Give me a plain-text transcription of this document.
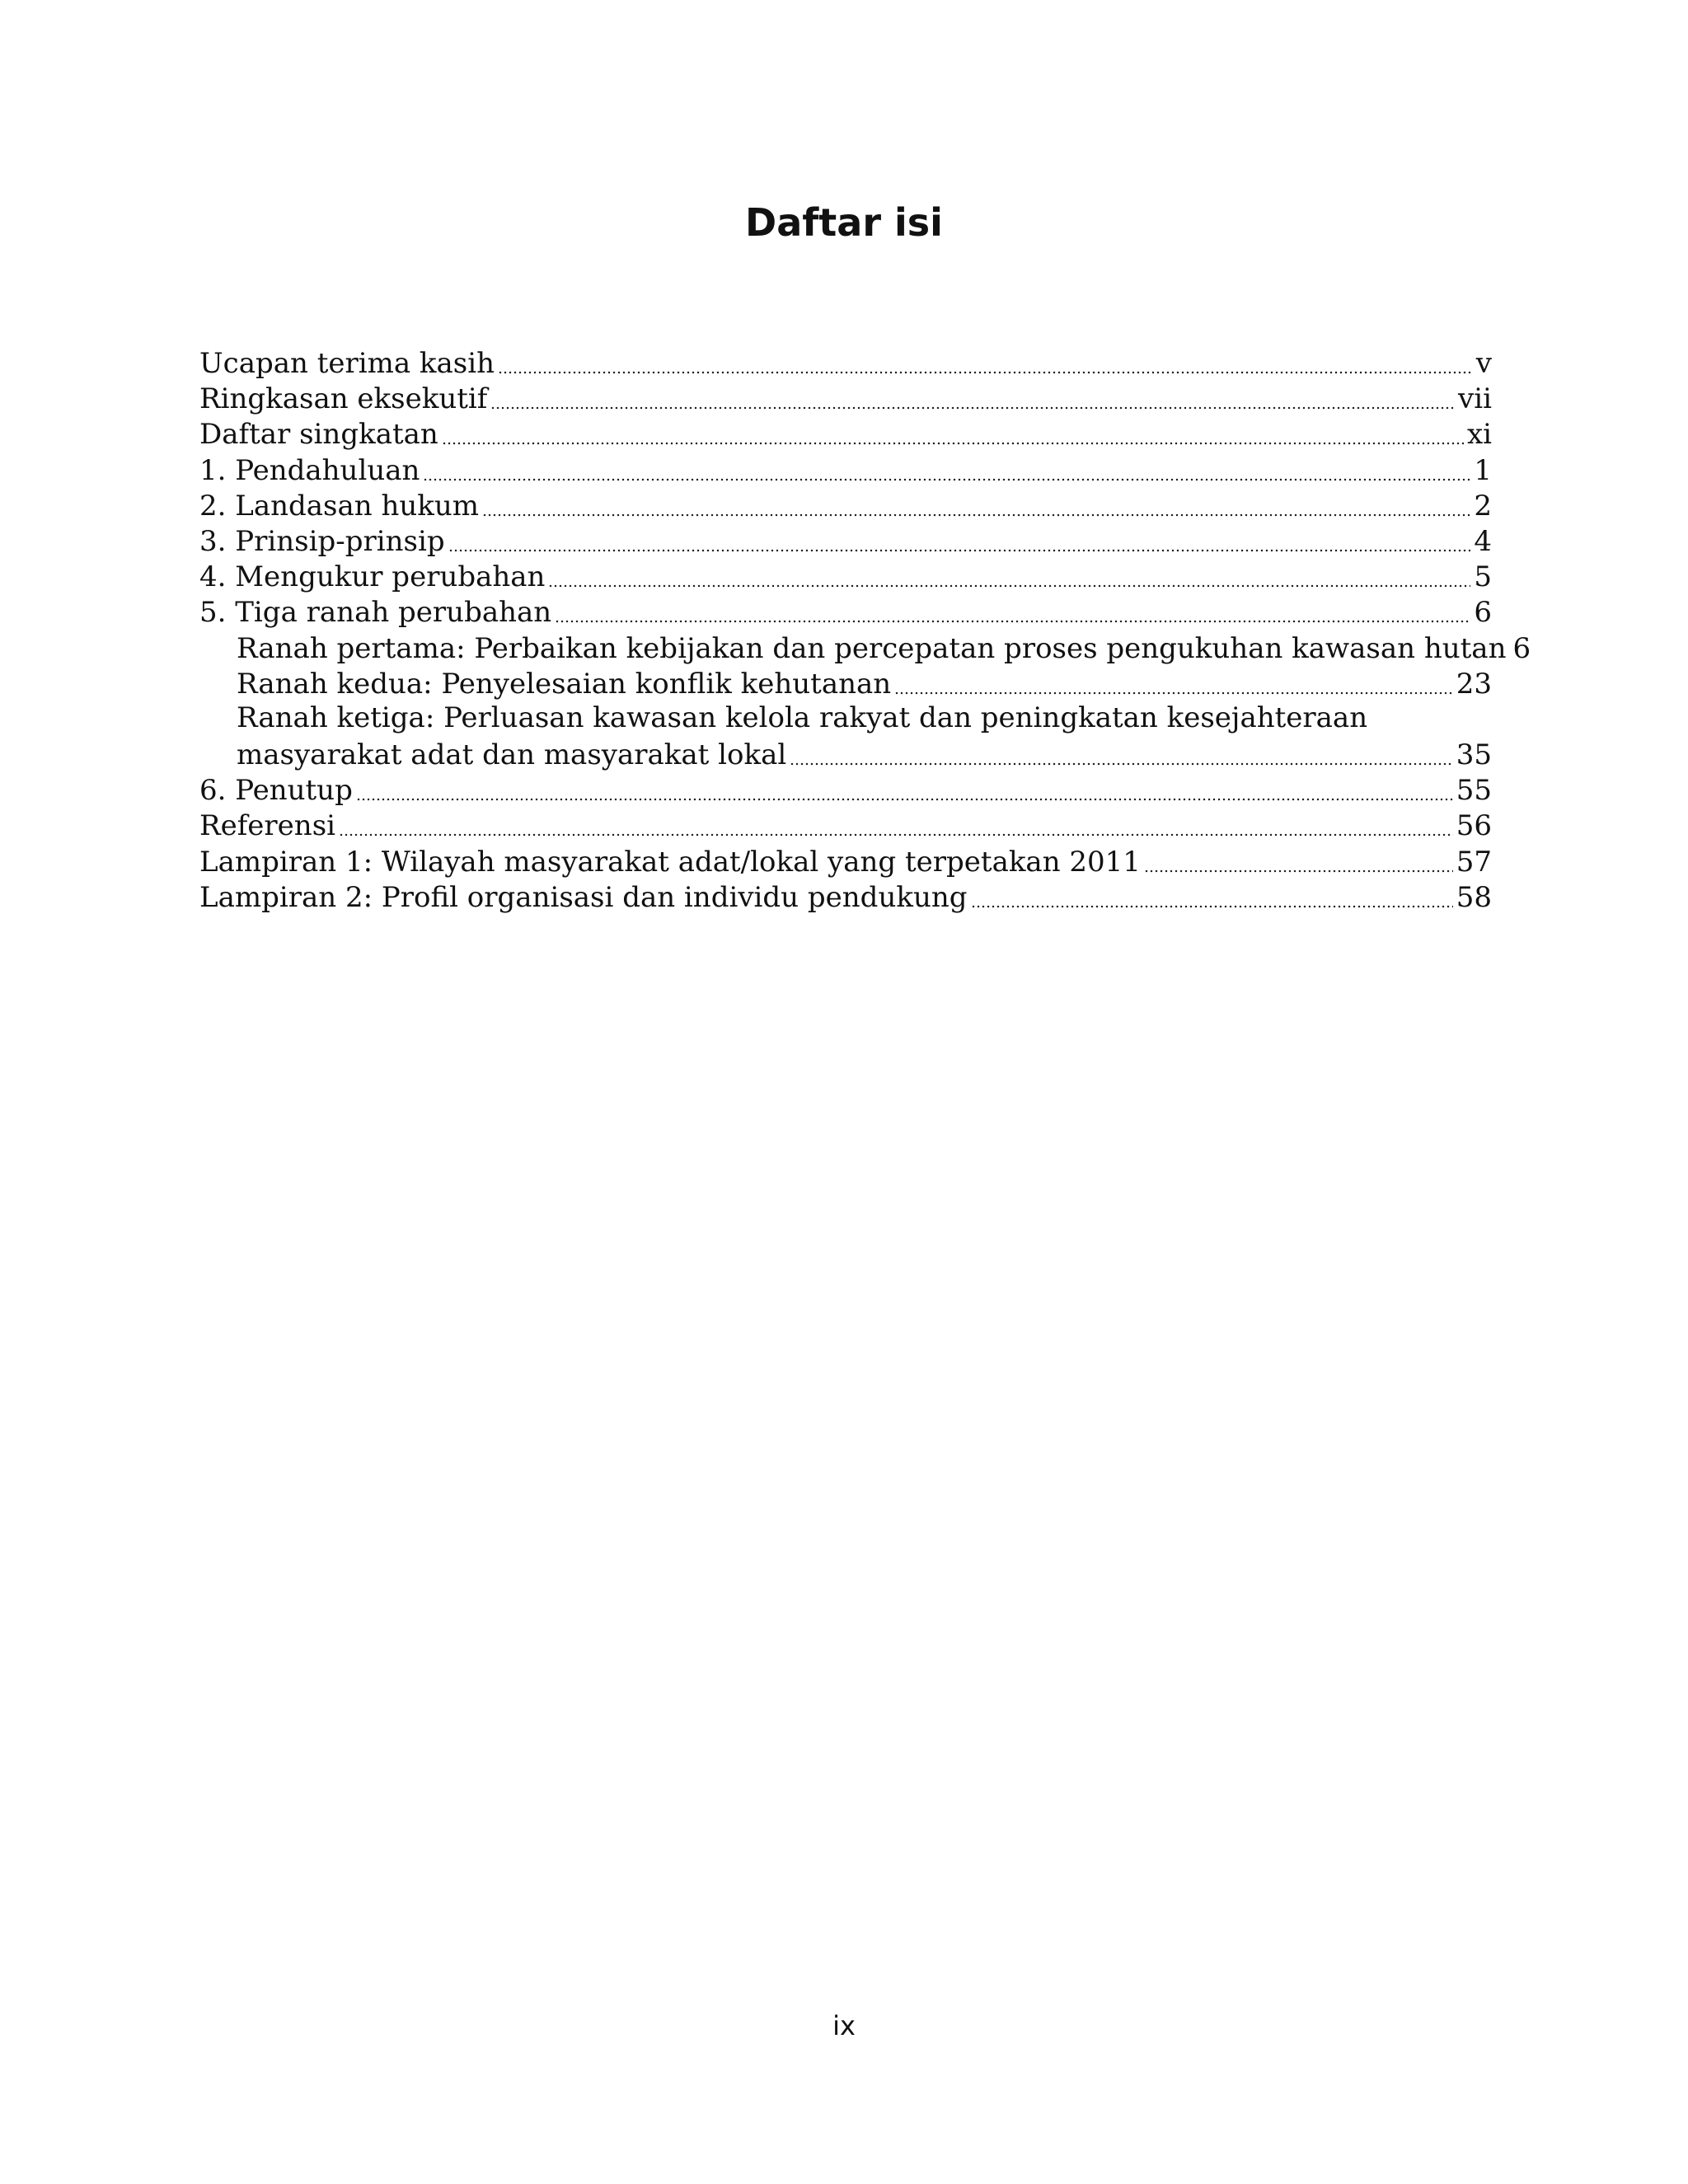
Daftar isi
Ucapan terima kasih	v
Ringkasan eksekutif	vii
Daftar singkatan	xi
1. Pendahuluan	1
2. Landasan hukum	2
3. Prinsip-prinsip	4
4. Mengukur perubahan	5
5. Tiga ranah perubahan	6
Ranah pertama: Perbaikan kebijakan dan percepatan proses pengukuhan kawasan hutan 6
Ranah kedua: Penyelesaian konflik kehutanan	23
Ranah ketiga: Perluasan kawasan kelola rakyat dan peningkatan kesejahteraan
masyarakat adat dan masyarakat lokal	35
6. Penutup	55
Referensi	56
Lampiran 1: Wilayah masyarakat adat/lokal yang terpetakan 2011	57
Lampiran 2: Profil organisasi dan individu pendukung	58
ix
